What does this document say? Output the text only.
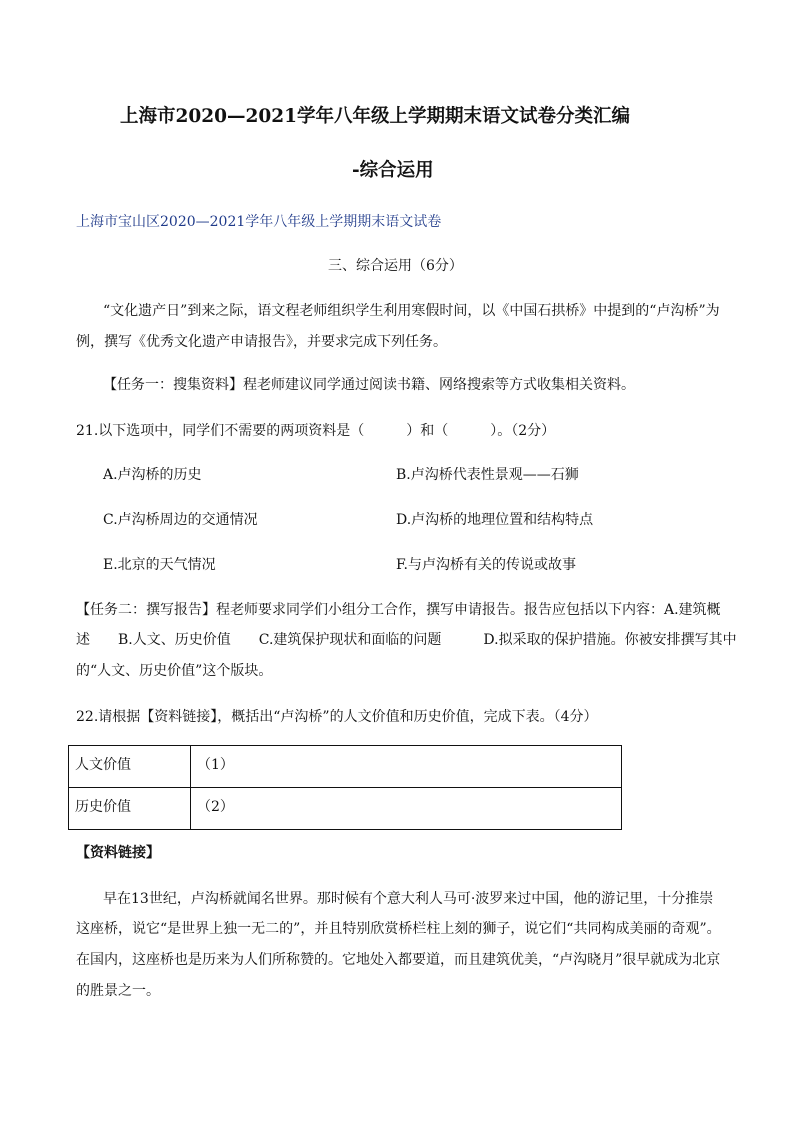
上海市2020—2021学年八年级上学期期末语文试卷分类汇编
-综合运用
上海市宝山区2020—2021学年八年级上学期期末语文试卷
三、综合运用（6分）
“文化遗产日”到来之际，语文程老师组织学生利用寒假时间，以《中国石拱桥》中提到的“卢沟桥”为
例，撰写《优秀文化遗产申请报告》，并要求完成下列任务。
【任务一：搜集资料】程老师建议同学通过阅读书籍、网络搜索等方式收集相关资料。
21.以下选项中，同学们不需要的两项资料是（　　　）和（　　　）。（2分）
A.卢沟桥的历史	B.卢沟桥代表性景观——石狮
C.卢沟桥周边的交通情况	D.卢沟桥的地理位置和结构特点
E.北京的天气情况	F.与卢沟桥有关的传说或故事
【任务二：撰写报告】程老师要求同学们小组分工合作，撰写申请报告。报告应包括以下内容：A.建筑概
述　　B.人文、历史价值　　C.建筑保护现状和面临的问题　　　D.拟采取的保护措施。你被安排撰写其中
的“人文、历史价值”这个版块。
22.请根据【资料链接】，概括出“卢沟桥”的人文价值和历史价值，完成下表。（4分）
人文价值	（1）
历史价值	（2）
【资料链接】
早在13世纪，卢沟桥就闻名世界。那时候有个意大利人马可·波罗来过中国，他的游记里，十分推崇
这座桥，说它“是世界上独一无二的”，并且特别欣赏桥栏柱上刻的狮子，说它们“共同构成美丽的奇观”。
在国内，这座桥也是历来为人们所称赞的。它地处入都要道，而且建筑优美，“卢沟晓月”很早就成为北京
的胜景之一。
